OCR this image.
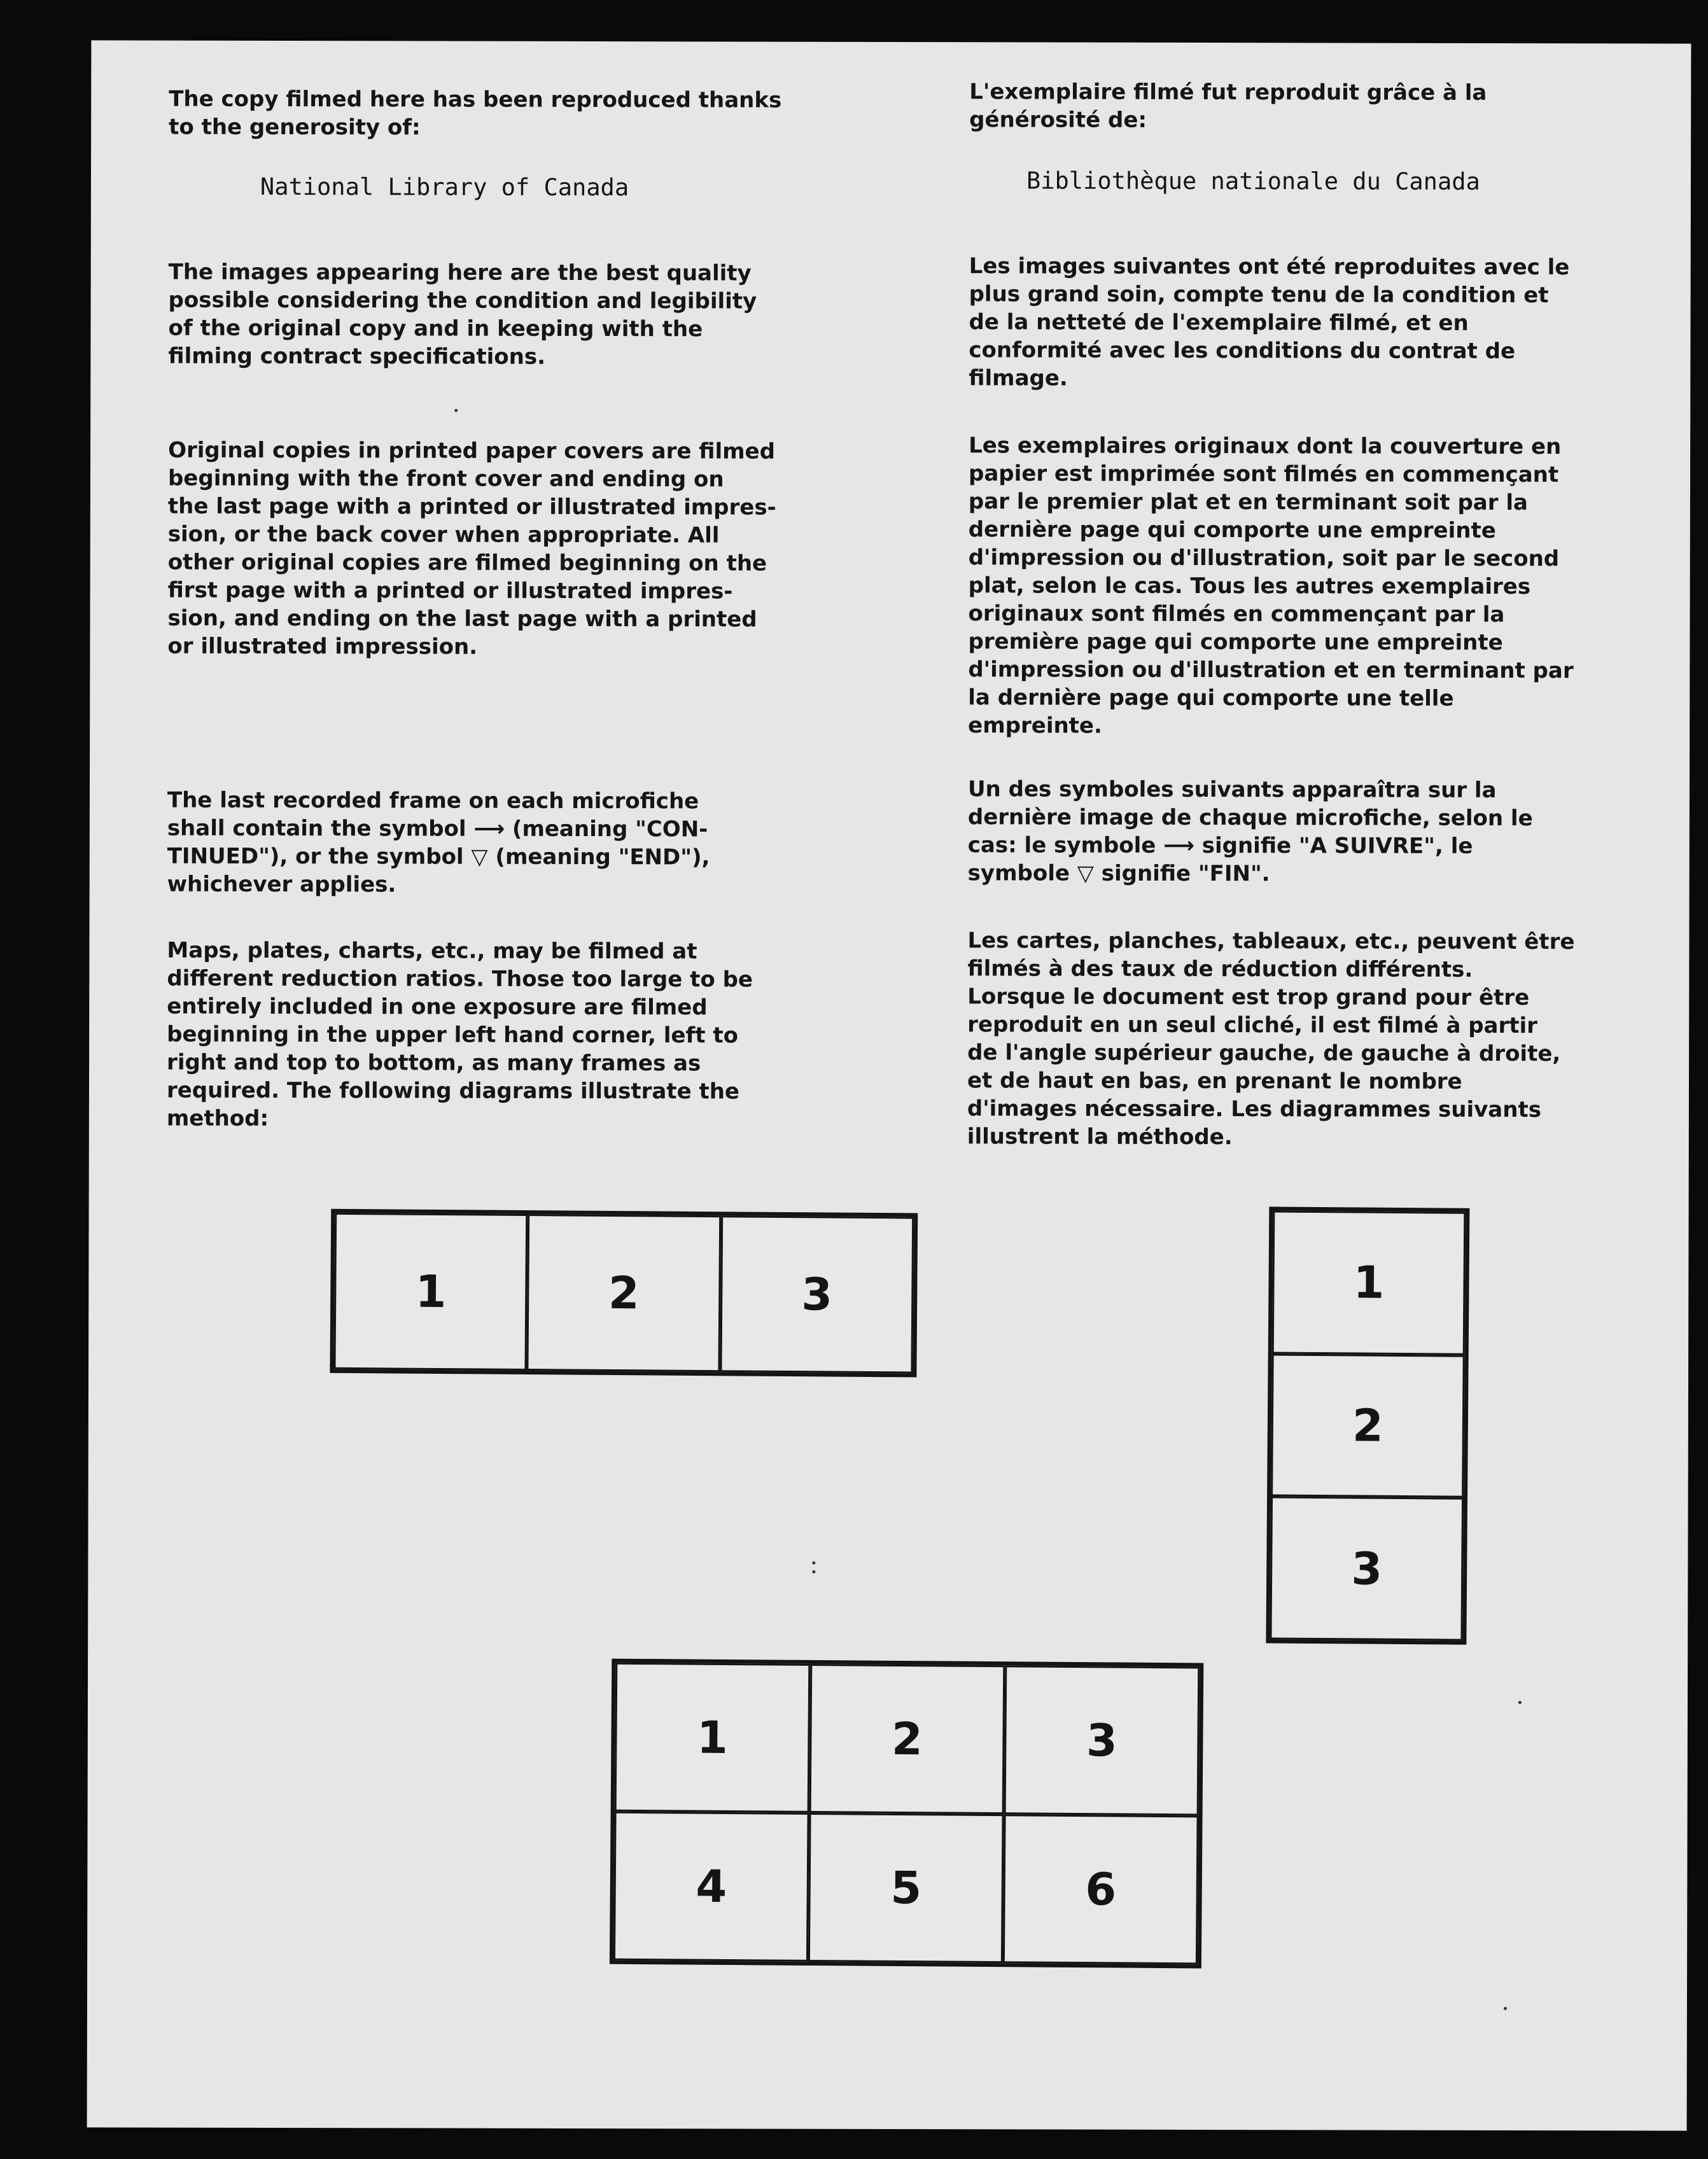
The copy filmed here has been reproduced thanks
to the generosity of:

National Library of Canada

The images appearing here are the best quality
possible considering the condition and legibility
of the original copy and in keeping with the
filming contract specifications.

Original copies in printed paper covers are filmed
beginning with the front cover and ending on
the last page with a printed or illustrated impres-
sion, or the back cover when appropriate. All
other original copies are filmed beginning on the
first page with a printed or illustrated impres-
sion, and ending on the last page with a printed
or illustrated impression.

The last recorded frame on each microfiche
shall contain the symbol ⟶ (meaning "CON-
TINUED"), or the symbol ▽ (meaning "END"),
whichever applies.

Maps, plates, charts, etc., may be filmed at
different reduction ratios. Those too large to be
entirely included in one exposure are filmed
beginning in the upper left hand corner, left to
right and top to bottom, as many frames as
required. The following diagrams illustrate the
method:

L'exemplaire filmé fut reproduit grâce à la
générosité de:

Bibliothèque nationale du Canada

Les images suivantes ont été reproduites avec le
plus grand soin, compte tenu de la condition et
de la netteté de l'exemplaire filmé, et en
conformité avec les conditions du contrat de
filmage.

Les exemplaires originaux dont la couverture en
papier est imprimée sont filmés en commençant
par le premier plat et en terminant soit par la
dernière page qui comporte une empreinte
d'impression ou d'illustration, soit par le second
plat, selon le cas. Tous les autres exemplaires
originaux sont filmés en commençant par la
première page qui comporte une empreinte
d'impression ou d'illustration et en terminant par
la dernière page qui comporte une telle
empreinte.

Un des symboles suivants apparaîtra sur la
dernière image de chaque microfiche, selon le
cas: le symbole ⟶ signifie "A SUIVRE", le
symbole ▽ signifie "FIN".

Les cartes, planches, tableaux, etc., peuvent être
filmés à des taux de réduction différents.
Lorsque le document est trop grand pour être
reproduit en un seul cliché, il est filmé à partir
de l'angle supérieur gauche, de gauche à droite,
et de haut en bas, en prenant le nombre
d'images nécessaire. Les diagrammes suivants
illustrent la méthode.

1	2	3	1
2
3
1	2	3
4	5	6
